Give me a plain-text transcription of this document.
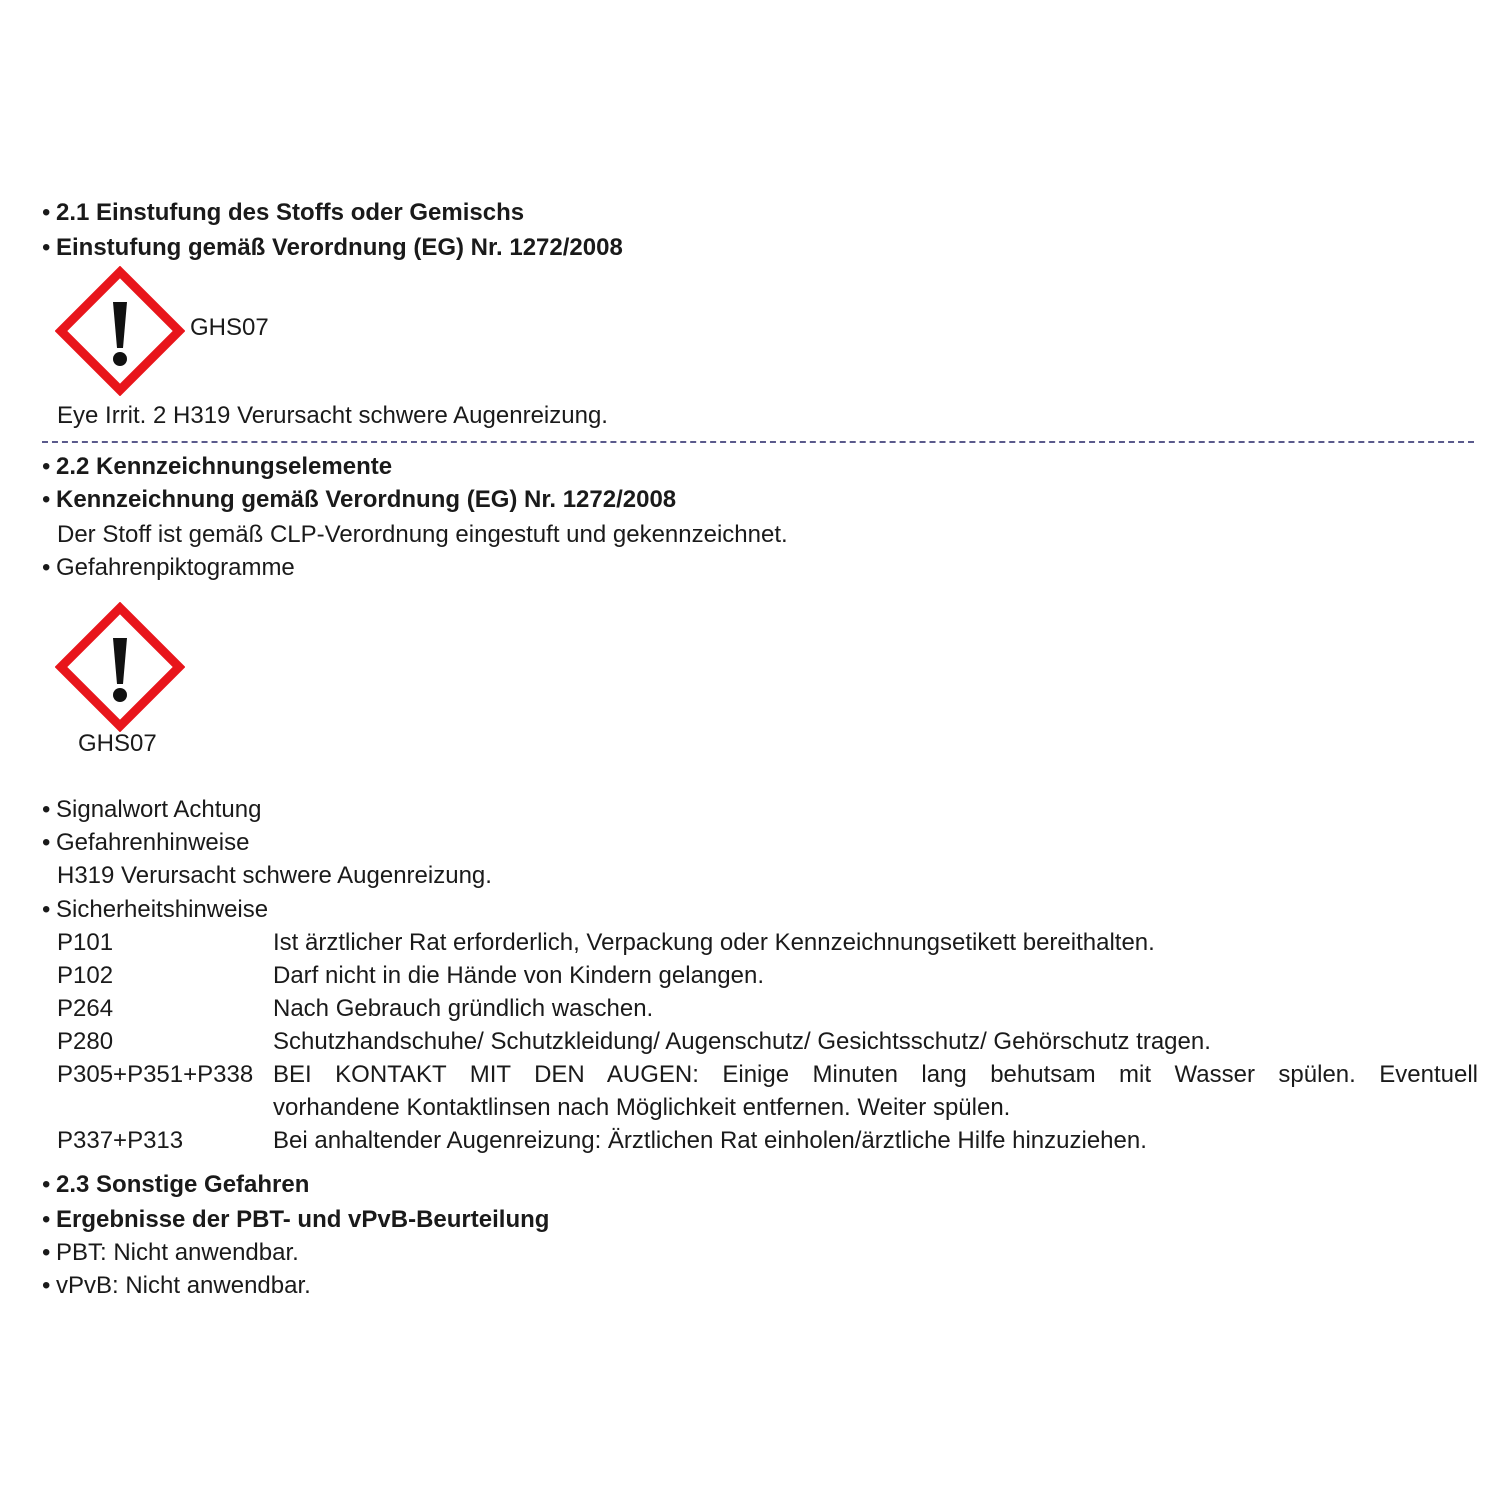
• 2.1 Einstufung des Stoffs oder Gemischs
• Einstufung gemäß Verordnung (EG) Nr. 1272/2008
GHS07
Eye Irrit. 2 H319 Verursacht schwere Augenreizung.
• 2.2 Kennzeichnungselemente
• Kennzeichnung gemäß Verordnung (EG) Nr. 1272/2008
Der Stoff ist gemäß CLP-Verordnung eingestuft und gekennzeichnet.
• Gefahrenpiktogramme
GHS07
• Signalwort Achtung
• Gefahrenhinweise
H319 Verursacht schwere Augenreizung.
• Sicherheitshinweise
P101	Ist ärztlicher Rat erforderlich, Verpackung oder Kennzeichnungsetikett bereithalten.
P102	Darf nicht in die Hände von Kindern gelangen.
P264	Nach Gebrauch gründlich waschen.
P280	Schutzhandschuhe/ Schutzkleidung/ Augenschutz/ Gesichtsschutz/ Gehörschutz tragen.
P305+P351+P338 BEI KONTAKT MIT DEN AUGEN: Einige Minuten lang behutsam mit Wasser spülen. Eventuell
vorhandene Kontaktlinsen nach Möglichkeit entfernen. Weiter spülen.
P337+P313	Bei anhaltender Augenreizung: Ärztlichen Rat einholen/ärztliche Hilfe hinzuziehen.
• 2.3 Sonstige Gefahren
• Ergebnisse der PBT- und vPvB-Beurteilung
• PBT: Nicht anwendbar.
• vPvB: Nicht anwendbar.
